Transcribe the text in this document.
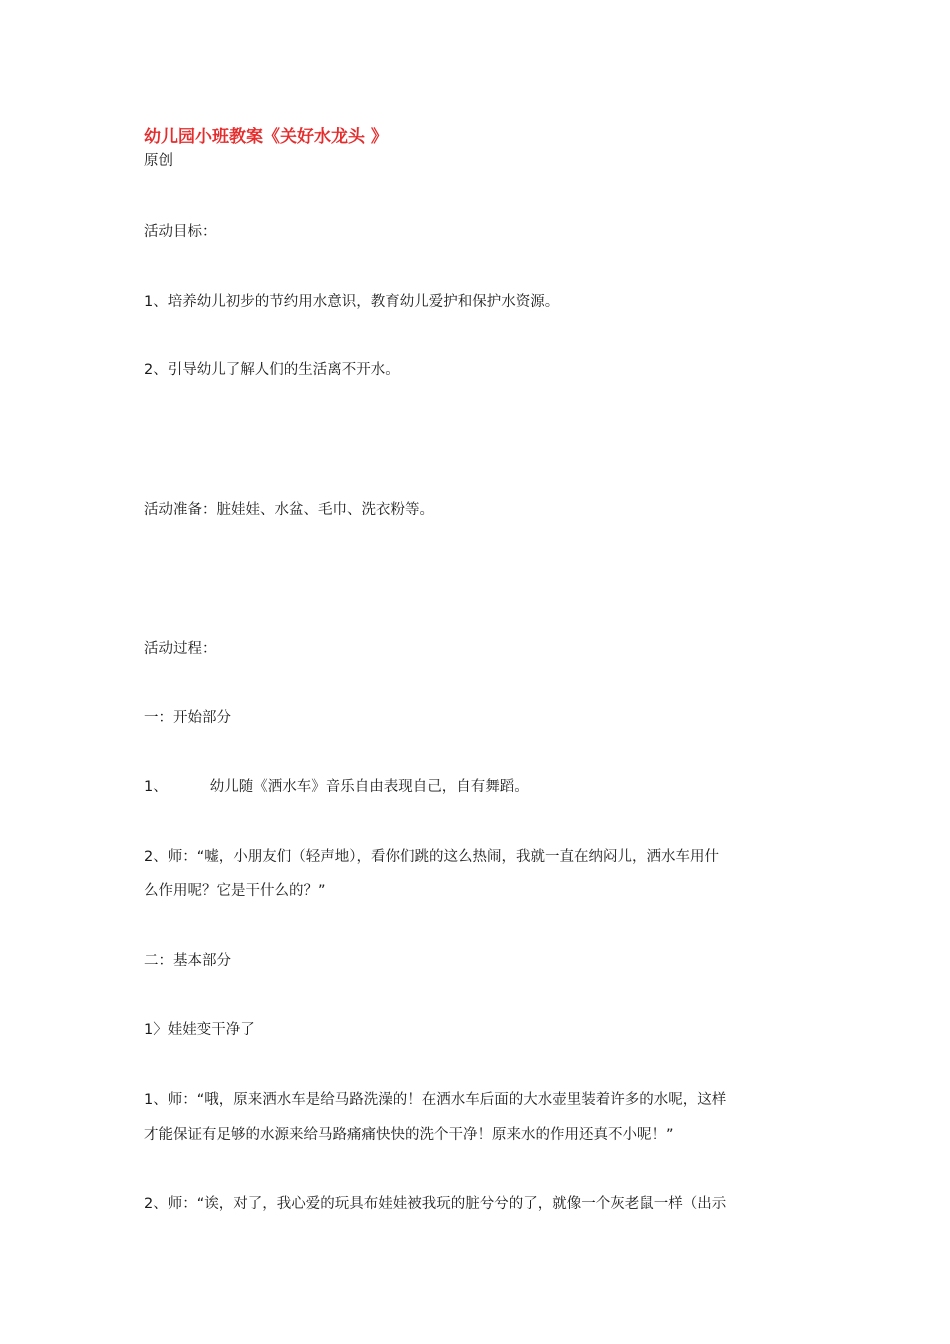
幼儿园小班教案《关好水龙头 》
原创
活动目标：
1、培养幼儿初步的节约用水意识，教育幼儿爱护和保护水资源。
2、引导幼儿了解人们的生活离不开水。
活动准备：脏娃娃、水盆、毛巾、洗衣粉等。
活动过程：
一：开始部分
1、	幼儿随《洒水车》音乐自由表现自己，自有舞蹈。
2、师：“嘘，小朋友们（轻声地），看你们跳的这么热闹，我就一直在纳闷儿，洒水车用什
么作用呢？它是干什么的？”
二：基本部分
1〉娃娃变干净了
1、师：“哦，原来洒水车是给马路洗澡的！在洒水车后面的大水壶里装着许多的水呢，这样
才能保证有足够的水源来给马路痛痛快快的洗个干净！原来水的作用还真不小呢！”
2、师：“诶，对了，我心爱的玩具布娃娃被我玩的脏兮兮的了，就像一个灰老鼠一样（出示
